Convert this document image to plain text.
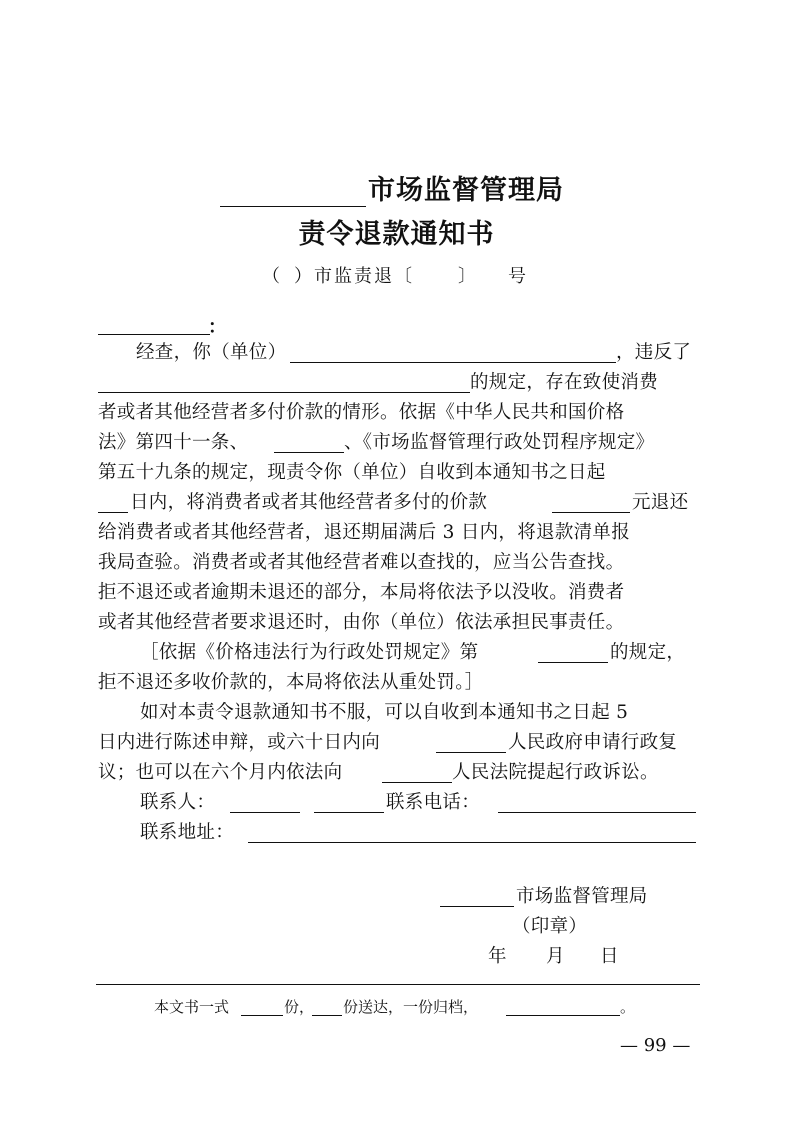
市场监督管理局
责令退款通知书
（ ）市监责退〔 〕 号
：
经查，你（单位）	，违反了
的规定，存在致使消费
者或者其他经营者多付价款的情形。依据《中华人民共和国价格
法》第四十一条、	、《市场监督管理行政处罚程序规定》
第五十九条的规定，现责令你（单位）自收到本通知书之日起
日内，将消费者或者其他经营者多付的价款	元退还
给消费者或者其他经营者，退还期届满后 3 日内，将退款清单报
我局查验。消费者或者其他经营者难以查找的，应当公告查找。
拒不退还或者逾期未退还的部分，本局将依法予以没收。消费者
或者其他经营者要求退还时，由你（单位）依法承担民事责任。
［依据《价格违法行为行政处罚规定》第	的规定，
拒不退还多收价款的，本局将依法从重处罚。］
如对本责令退款通知书不服，可以自收到本通知书之日起 5
日内进行陈述申辩，或六十日内向	人民政府申请行政复
议；也可以在六个月内依法向	人民法院提起行政诉讼。
联系人：	联系电话：
联系地址：
市场监督管理局
（印章）
年 月 日
本文书一式	份， 份送达，一份归档，	。
— 99 —
